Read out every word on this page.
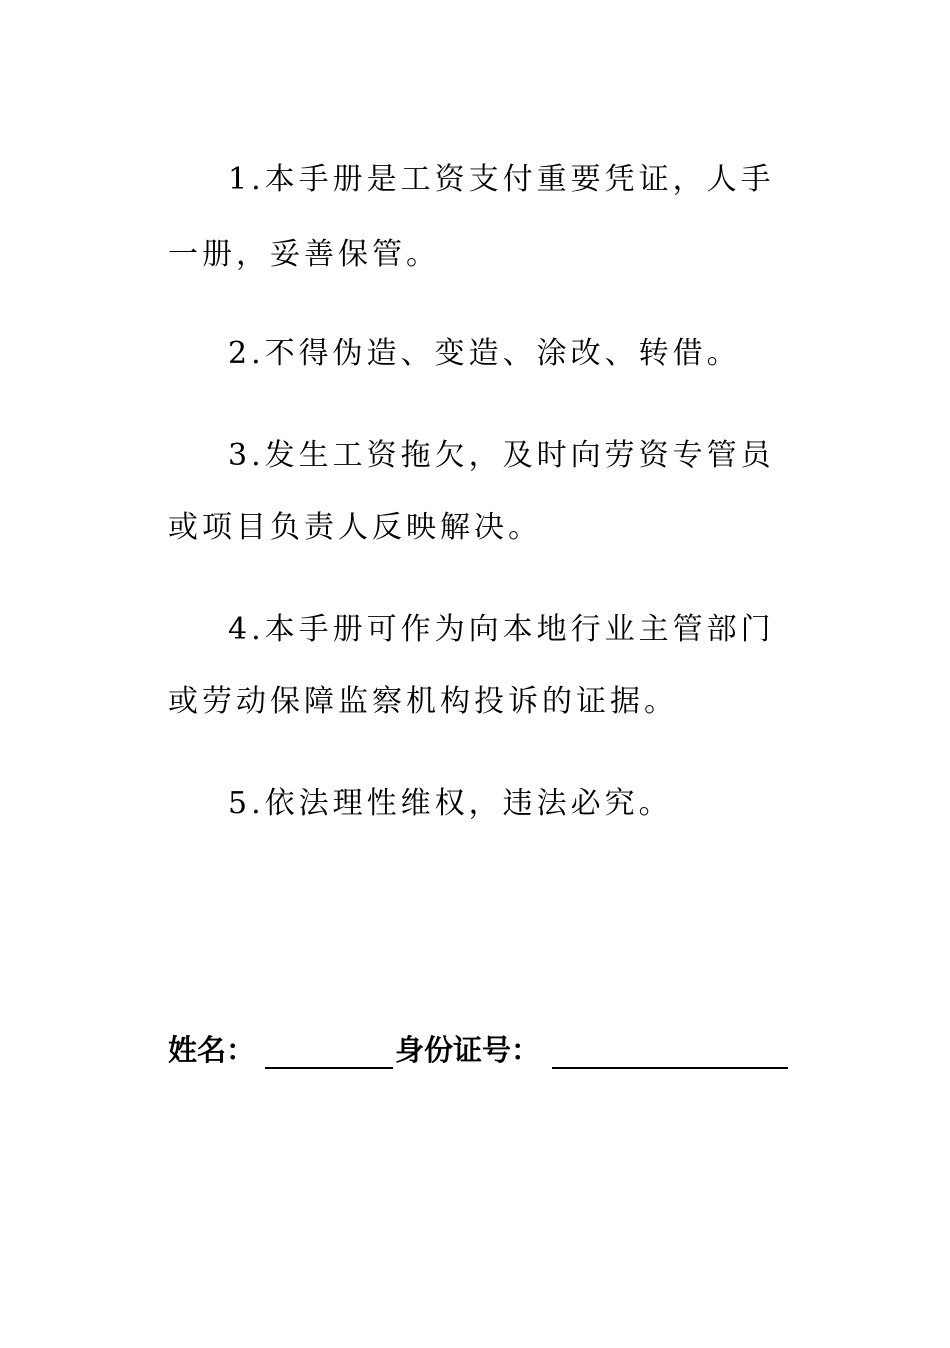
1.本手册是工资支付重要凭证，人手
一册，妥善保管。
2.不得伪造、变造、涂改、转借。
3.发生工资拖欠，及时向劳资专管员
或项目负责人反映解决。
4.本手册可作为向本地行业主管部门
或劳动保障监察机构投诉的证据。
5.依法理性维权，违法必究。
姓名：	身份证号：
